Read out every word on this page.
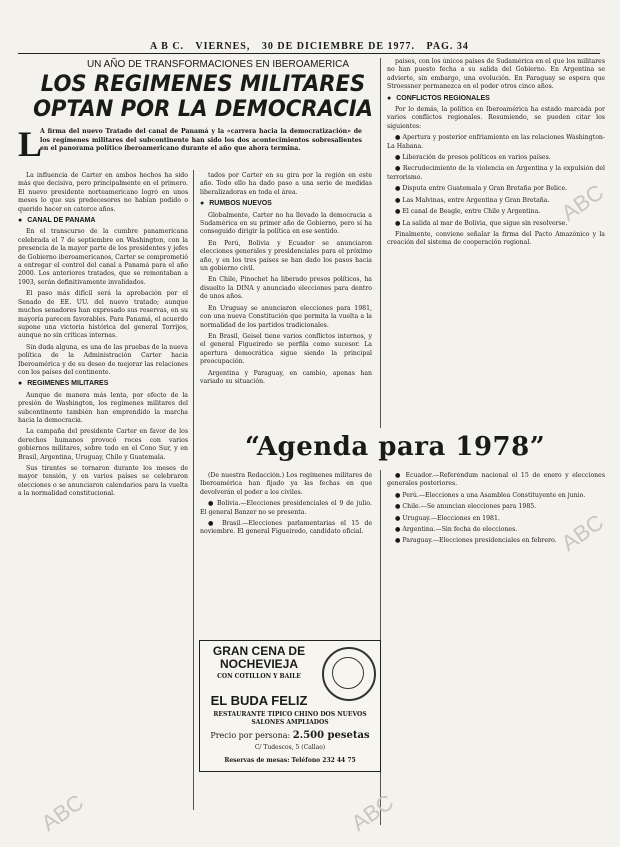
A B C. VIERNES, 30 DE DICIEMBRE DE 1977. PAG. 34
UN AÑO DE TRANSFORMACIONES EN IBEROAMERICA
LOS REGIMENES MILITARES OPTAN POR LA DEMOCRACIA
L
A firma del nuevo Tratado del canal de Panamá y la «carrera hacia la democratización» de los regímenes militares del subcontinente han sido los dos acontecimientos sobresalientes en el panorama político iberoamericano durante el año que ahora termina.

La influencia de Carter en ambos hechos ha sido más que decisiva, pero principalmente en el primero. El nuevo presidente norteamericano logró en unos meses lo que sus predecesores no habían podido o querido hacer en catorce años.

● CANAL DE PANAMA

En el transcurso de la cumbre panamericana celebrada el 7 de septiembre en Washington, con la presencia de la mayor parte de los presidentes y jefes de Gobierno iberoamericanos, Carter se comprometió a entregar el control del canal a Panamá para el año 2000. Los anteriores tratados, que se remontaban a 1903, serán definitivamente invalidados.

El paso más difícil será la aprobación por el Senado de EE. UU. del nuevo tratado; aunque muchos senadores han expresado sus reservas, en su mayoría parecen favorables. Para Panamá, el acuerdo supone una victoria histórica del general Torrijos, aunque no sin críticas internas.

Sin duda alguna, es una de las pruebas de la nueva política de la Administración Carter hacia Iberoamérica y de su deseo de mejorar las relaciones con los países del continente.

● REGIMENES MILITARES

Aunque de manera más lenta, por efecto de la presión de Washington, los regímenes militares del subcontinente también han emprendido la marcha hacia la democracia.

La campaña del presidente Carter en favor de los derechos humanos provocó roces con varios gobiernos militares, sobre todo en el Cono Sur, y en Brasil, Argentina, Uruguay, Chile y Guatemala.

Sus tirantes se tornaron durante los meses de mayor tensión, y en varios países se celebraron elecciones o se anunciaron calendarios para la vuelta a la normalidad constitucional.

tados por Carter en su gira por la región en este año. Todo ello ha dado paso a una serie de medidas liberalizadoras en toda el área.

● RUMBOS NUEVOS

Globalmente, Carter no ha llevado la democracia a Sudamérica en su primer año de Gobierno, pero sí ha conseguido dirigir la política en ese sentido.

En Perú, Bolivia y Ecuador se anunciaron elecciones generales y presidenciales para el próximo año, y en los tres países se han dado los pasos hacia un gobierno civil.

En Chile, Pinochet ha liberado presos políticos, ha disuelto la DINA y anunciado elecciones para dentro de unos años.

En Uruguay se anunciaron elecciones para 1981, con una nueva Constitución que permita la vuelta a la normalidad de los partidos tradicionales.

En Brasil, Geisel tiene varios conflictos internos, y el general Figueiredo se perfila como sucesor. La apertura democrática sigue siendo la principal preocupación.

Argentina y Paraguay, en cambio, apenas han variado su situación.

países, con los únicos países de Sudamérica en el que los militares no han puesto fecha a su salida del Gobierno. En Argentina se advierte, sin embargo, una evolución. En Paraguay se espera que Stroessner permanezca en el poder otros cinco años.

● CONFLICTOS REGIONALES

Por lo demás, la política en Iberoamérica ha estado marcada por varios conflictos regionales. Resumiendo, se pueden citar los siguientes:

● Apertura y posterior enfriamiento en las relaciones Washington-La Habana.

● Liberación de presos políticos en varios países.

● Recrudecimiento de la violencia en Argentina y la expulsión del terrorismo.

● Disputa entre Guatemala y Gran Bretaña por Belice.

● Las Malvinas, entre Argentina y Gran Bretaña.

● El canal de Beagle, entre Chile y Argentina.

● La salida al mar de Bolivia, que sigue sin resolverse.

Finalmente, conviene señalar la firma del Pacto Amazónico y la creación del sistema de cooperación regional.

“Agenda para 1978”

(De nuestra Redacción.) Los regímenes militares de Iberoamérica han fijado ya las fechas en que devolverán el poder a los civiles.

● Bolivia.—Elecciones presidenciales el 9 de julio. El general Banzer no se presenta.

● Brasil.—Elecciones parlamentarias el 15 de noviembre. El general Figueiredo, candidato oficial.

● Ecuador.—Referéndum nacional el 15 de enero y elecciones generales posteriores.

● Perú.—Elecciones a una Asamblea Constituyente en junio.

● Chile.—Se anuncian elecciones para 1985.

● Uruguay.—Elecciones en 1981.

● Argentina.—Sin fecha de elecciones.

● Paraguay.—Elecciones presidenciales en febrero.

GRAN CENA DE NOCHEVIEJA
CON COTILLON Y BAILE
EL BUDA FELIZ
RESTAURANTE TIPICO CHINO DOS NUEVOS SALONES AMPLIADOS
Precio por persona: 2.500 pesetas
C/ Tudescos, 5 (Callao)
Reservas de mesas: Teléfono 232 44 75
ABC
ABC	ABC
ABC
